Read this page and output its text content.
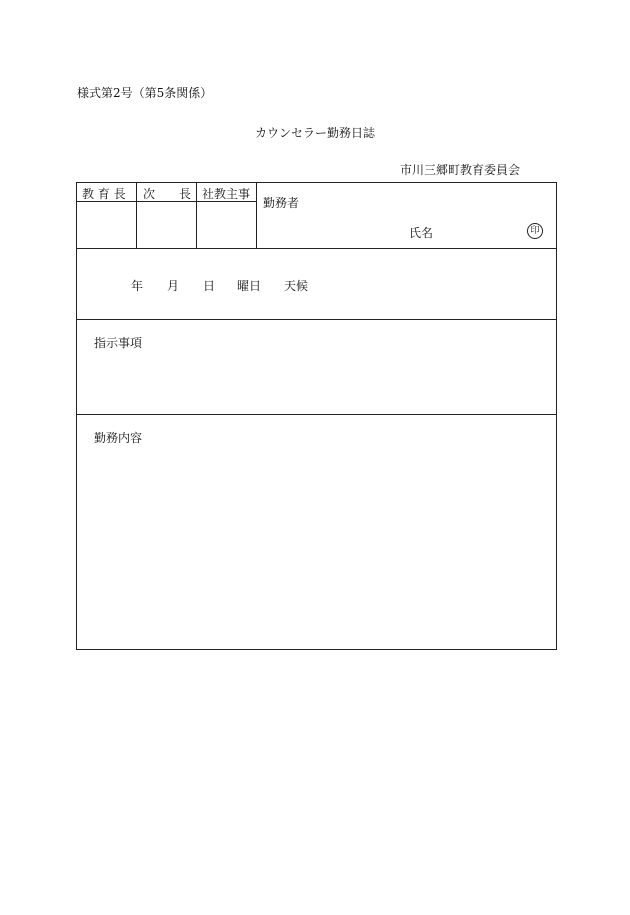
様式第2号（第5条関係）
カウンセラー勤務日誌
市川三郷町教育委員会
教 育 長 次 長 社教主事
勤務者
氏名	印
年 月 日 曜日 天候
指示事項
勤務内容
